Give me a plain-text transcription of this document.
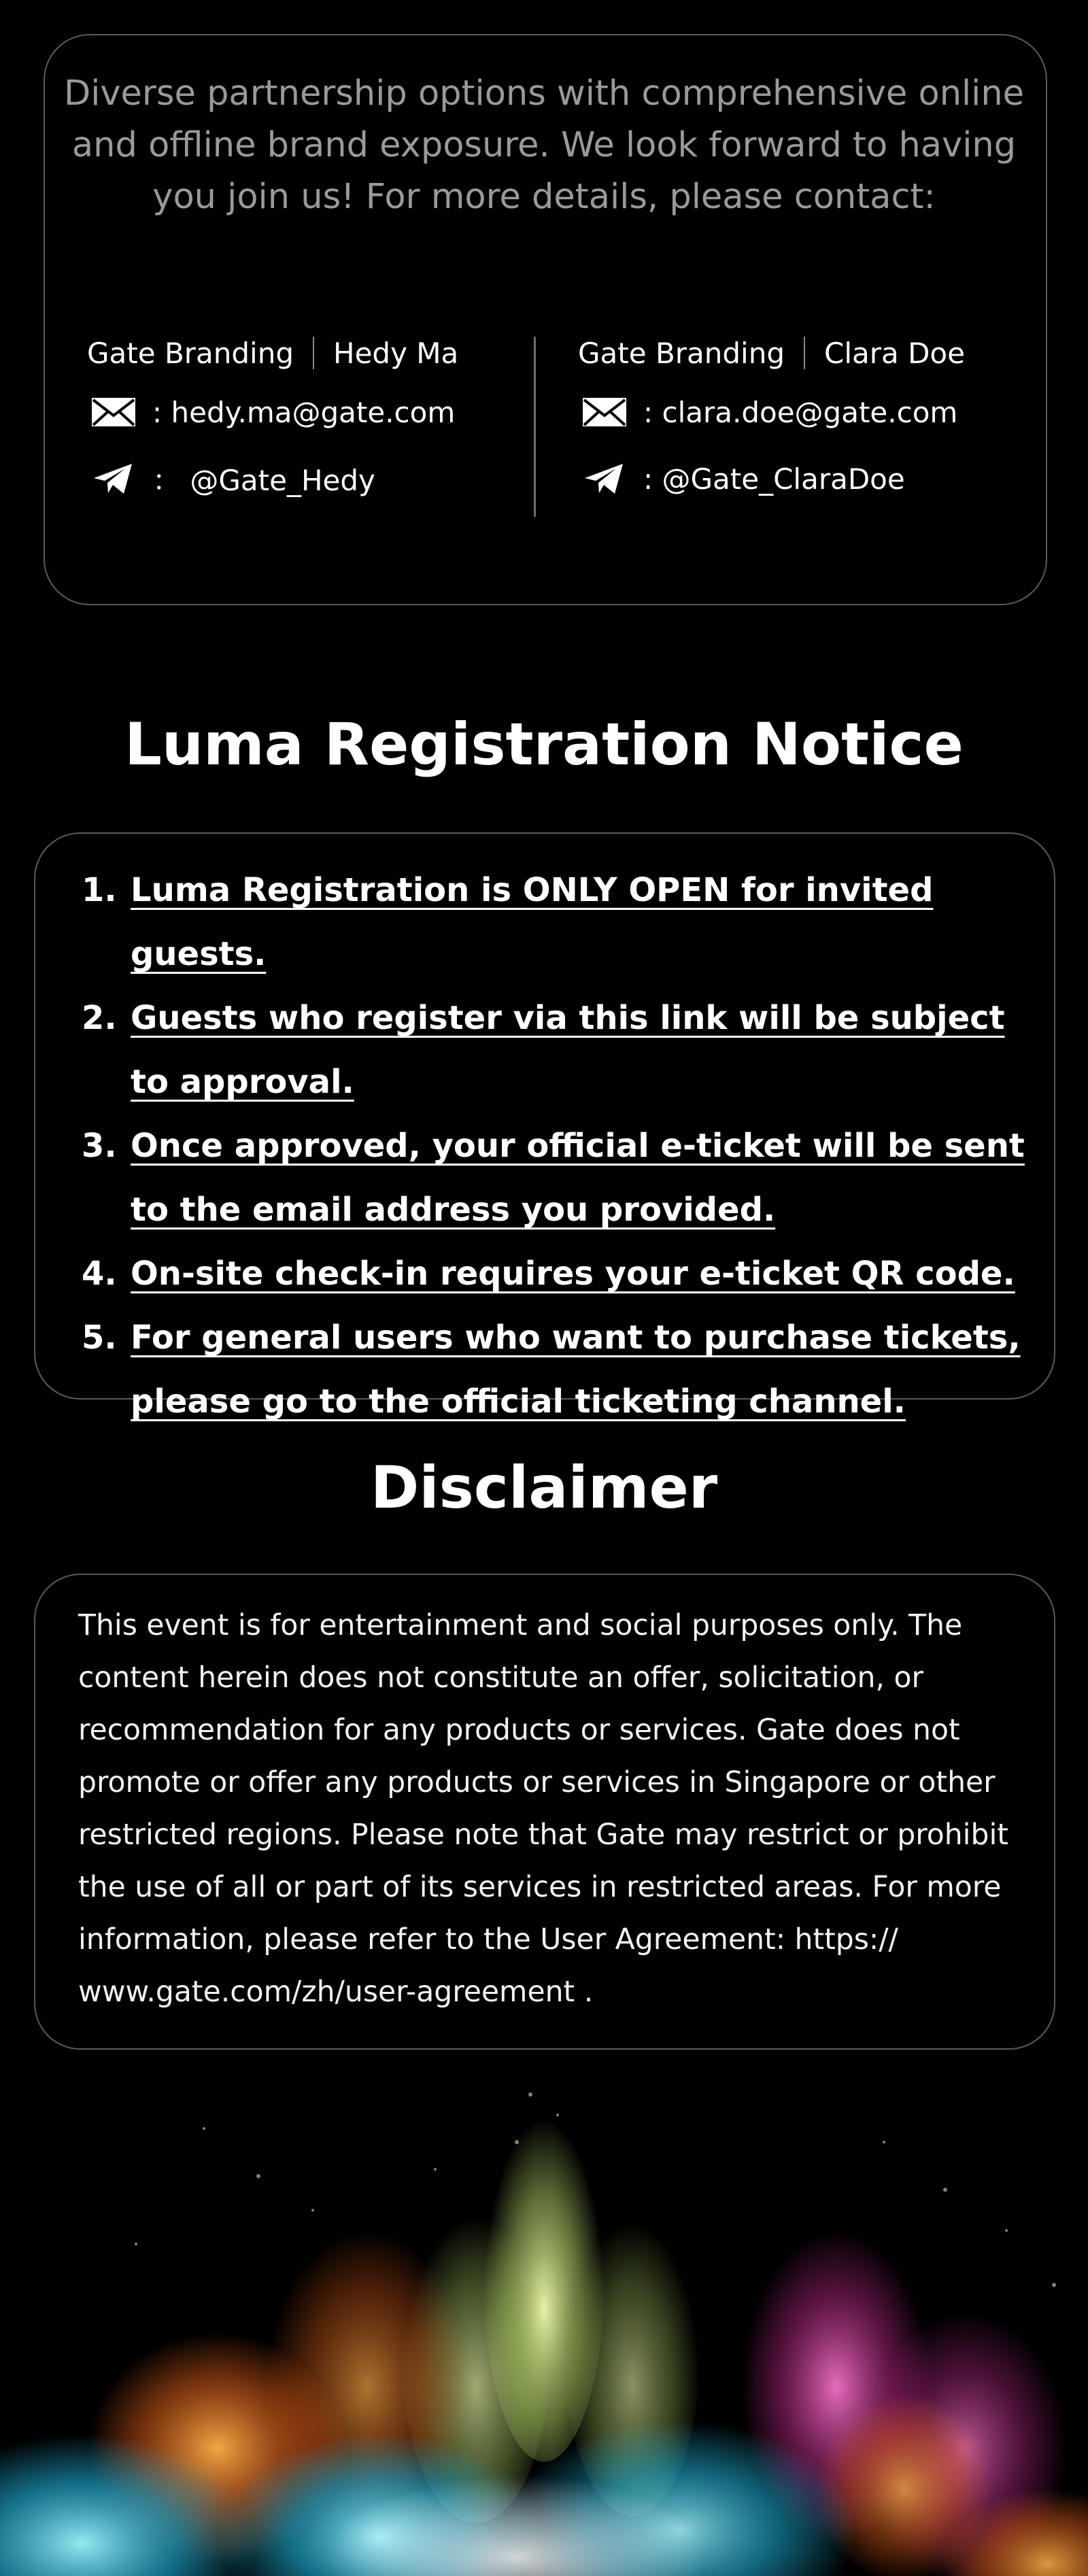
Diverse partnership options with comprehensive online and offline brand exposure. We look forward to having you join us! For more details, please contact:

Gate Branding Hedy Ma
: hedy.ma@gate.com
： @Gate_Hedy
Gate Branding Clara Doe
: clara.doe@gate.com
: @Gate_ClaraDoe
Luma Registration Notice
1. Luma Registration is ONLY OPEN for invited guests.
2. Guests who register via this link will be subject to approval.
3. Once approved, your official e-ticket will be sent to the email address you provided.
4. On-site check-in requires your e-ticket QR code.
5. For general users who want to purchase tickets, please go to the official ticketing channel.
Disclaimer

This event is for entertainment and social purposes only. The content herein does not constitute an offer, solicitation, or recommendation for any products or services. Gate does not promote or offer any products or services in Singapore or other restricted regions. Please note that Gate may restrict or prohibit the use of all or part of its services in restricted areas. For more information, please refer to the User Agreement: https:// www.gate.com/zh/user-agreement .
